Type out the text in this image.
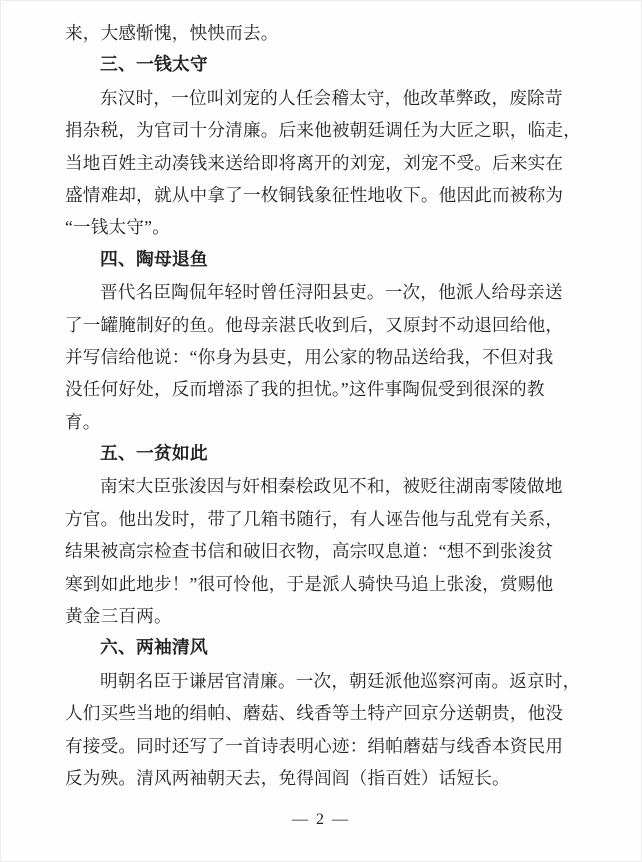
来，大感惭愧，怏怏而去。
三、一钱太守
东汉时，一位叫刘宠的人任会稽太守，他改革弊政，废除苛
捐杂税，为官司十分清廉。后来他被朝廷调任为大匠之职，临走，
当地百姓主动凑钱来送给即将离开的刘宠，刘宠不受。后来实在
盛情难却，就从中拿了一枚铜钱象征性地收下。他因此而被称为
“一钱太守”。
四、陶母退鱼
晋代名臣陶侃年轻时曾任浔阳县吏。一次，他派人给母亲送
了一罐腌制好的鱼。他母亲湛氏收到后，又原封不动退回给他，
并写信给他说：“你身为县吏，用公家的物品送给我，不但对我
没任何好处，反而增添了我的担忧。”这件事陶侃受到很深的教
育。
五、一贫如此
南宋大臣张浚因与奸相秦桧政见不和，被贬往湖南零陵做地
方官。他出发时，带了几箱书随行，有人诬告他与乱党有关系，
结果被高宗检查书信和破旧衣物，高宗叹息道：“想不到张浚贫
寒到如此地步！”很可怜他，于是派人骑快马追上张浚，赏赐他
黄金三百两。
六、两袖清风
明朝名臣于谦居官清廉。一次，朝廷派他巡察河南。返京时，
人们买些当地的绢帕、蘑菇、线香等土特产回京分送朝贵，他没
有接受。同时还写了一首诗表明心迹：绢帕蘑菇与线香本资民用
反为殃。清风两袖朝天去，免得闾阎（指百姓）话短长。
— 2 —
